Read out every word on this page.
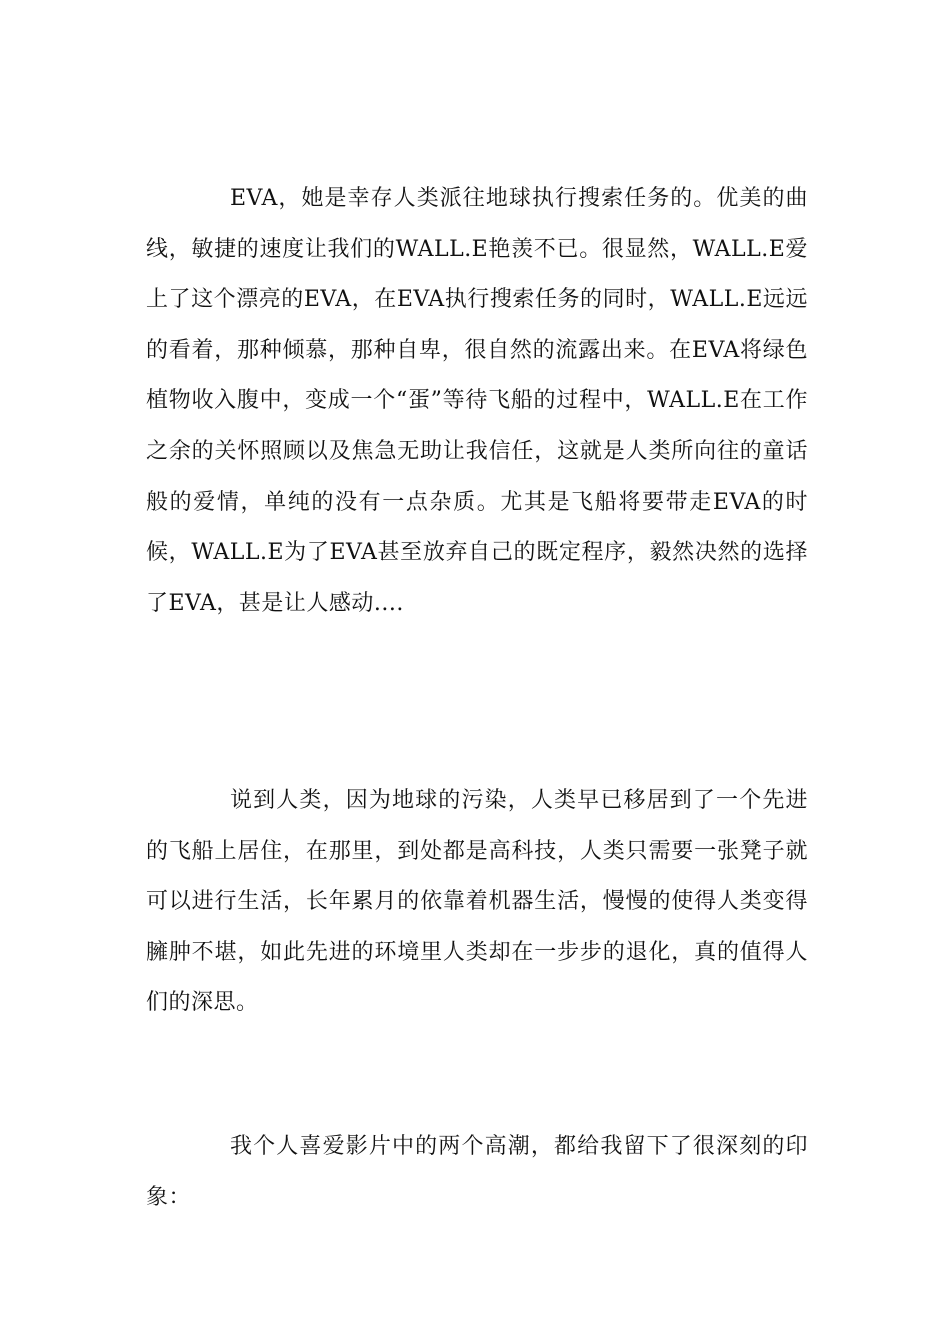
EVA，她是幸存人类派往地球执行搜索任务的。优美的曲线，敏捷的速度让我们的WALL.E艳羡不已。很显然，WALL.E爱上了这个漂亮的EVA，在EVA执行搜索任务的同时，WALL.E远远的看着，那种倾慕，那种自卑，很自然的流露出来。在EVA将绿色植物收入腹中，变成一个“蛋”等待飞船的过程中，WALL.E在工作之余的关怀照顾以及焦急无助让我信任，这就是人类所向往的童话般的爱情，单纯的没有一点杂质。尤其是飞船将要带走EVA的时候，WALL.E为了EVA甚至放弃自己的既定程序，毅然决然的选择了EVA，甚是让人感动....

说到人类，因为地球的污染，人类早已移居到了一个先进的飞船上居住，在那里，到处都是高科技，人类只需要一张凳子就可以进行生活，长年累月的依靠着机器生活，慢慢的使得人类变得臃肿不堪，如此先进的环境里人类却在一步步的退化，真的值得人们的深思。

我个人喜爱影片中的两个高潮，都给我留下了很深刻的印象：
